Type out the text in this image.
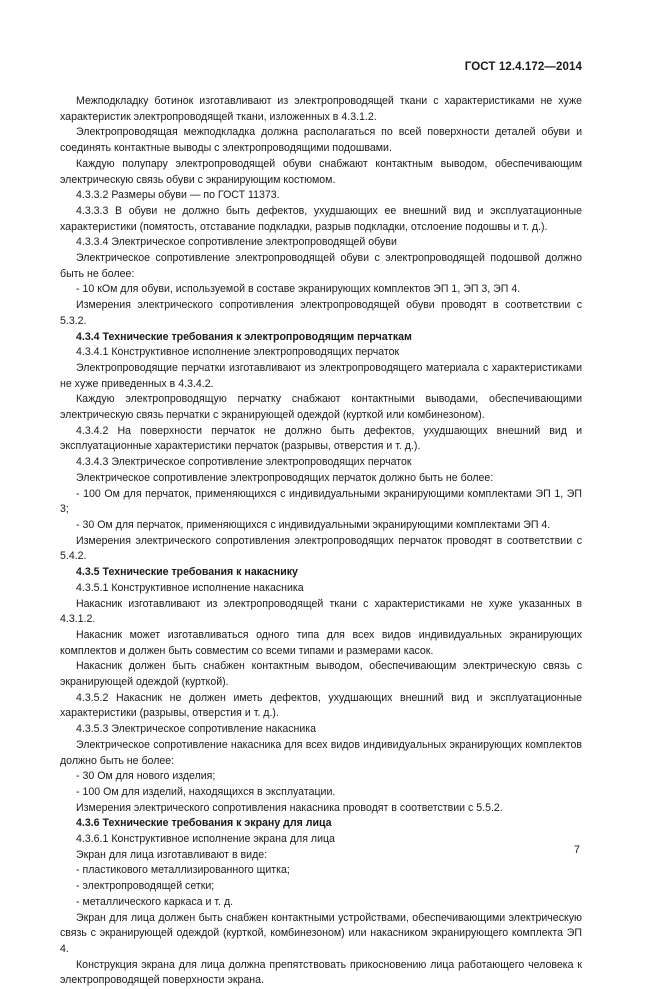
ГОСТ 12.4.172—2014

Межподкладку ботинок изготавливают из электропроводящей ткани с характеристиками не хуже характеристик электропроводящей ткани, изложенных в 4.3.1.2.

Электропроводящая межподкладка должна располагаться по всей поверхности деталей обуви и соединять контактные выводы с электропроводящими подошвами.

Каждую полупару электропроводящей обуви снабжают контактным выводом, обеспечивающим электрическую связь обуви с экранирующим костюмом.

4.3.3.2 Размеры обуви — по ГОСТ 11373.

4.3.3.3 В обуви не должно быть дефектов, ухудшающих ее внешний вид и эксплуатационные характеристики (помятость, отставание подкладки, разрыв подкладки, отслоение подошвы и т. д.).

4.3.3.4 Электрическое сопротивление электропроводящей обуви

Электрическое сопротивление электропроводящей обуви с электропроводящей подошвой должно быть не более:

- 10 кОм для обуви, используемой в составе экранирующих комплектов ЭП 1, ЭП 3, ЭП 4.

Измерения электрического сопротивления электропроводящей обуви проводят в соответствии с 5.3.2.

4.3.4 Технические требования к электропроводящим перчаткам

4.3.4.1 Конструктивное исполнение электропроводящих перчаток

Электропроводящие перчатки изготавливают из электропроводящего материала с характеристиками не хуже приведенных в 4.3.4.2.

Каждую электропроводящую перчатку снабжают контактными выводами, обеспечивающими электрическую связь перчатки с экранирующей одеждой (курткой или комбинезоном).

4.3.4.2 На поверхности перчаток не должно быть дефектов, ухудшающих внешний вид и эксплуатационные характеристики перчаток (разрывы, отверстия и т. д.).

4.3.4.3 Электрическое сопротивление электропроводящих перчаток

Электрическое сопротивление электропроводящих перчаток должно быть не более:

- 100 Ом для перчаток, применяющихся с индивидуальными экранирующими комплектами ЭП 1, ЭП 3;

- 30 Ом для перчаток, применяющихся с индивидуальными экранирующими комплектами ЭП 4.

Измерения электрического сопротивления электропроводящих перчаток проводят в соответствии с 5.4.2.

4.3.5 Технические требования к накаснику

4.3.5.1 Конструктивное исполнение накасника

Накасник изготавливают из электропроводящей ткани с характеристиками не хуже указанных в 4.3.1.2.

Накасник может изготавливаться одного типа для всех видов индивидуальных экранирующих комплектов и должен быть совместим со всеми типами и размерами касок.

Накасник должен быть снабжен контактным выводом, обеспечивающим электрическую связь с экранирующей одеждой (курткой).

4.3.5.2 Накасник не должен иметь дефектов, ухудшающих внешний вид и эксплуатационные характеристики (разрывы, отверстия и т. д.).

4.3.5.3 Электрическое сопротивление накасника

Электрическое сопротивление накасника для всех видов индивидуальных экранирующих комплектов должно быть не более:

- 30 Ом для нового изделия;

- 100 Ом для изделий, находящихся в эксплуатации.

Измерения электрического сопротивления накасника проводят в соответствии с 5.5.2.

4.3.6 Технические требования к экрану для лица

4.3.6.1 Конструктивное исполнение экрана для лица

Экран для лица изготавливают в виде:

- пластикового металлизированного щитка;

- электропроводящей сетки;

- металлического каркаса и т. д.

Экран для лица должен быть снабжен контактными устройствами, обеспечивающими электрическую связь с экранирующей одеждой (курткой, комбинезоном) или накасником экранирующего комплекта ЭП 4.

Конструкция экрана для лица должна препятствовать прикосновению лица работающего человека к электропроводящей поверхности экрана.

7
